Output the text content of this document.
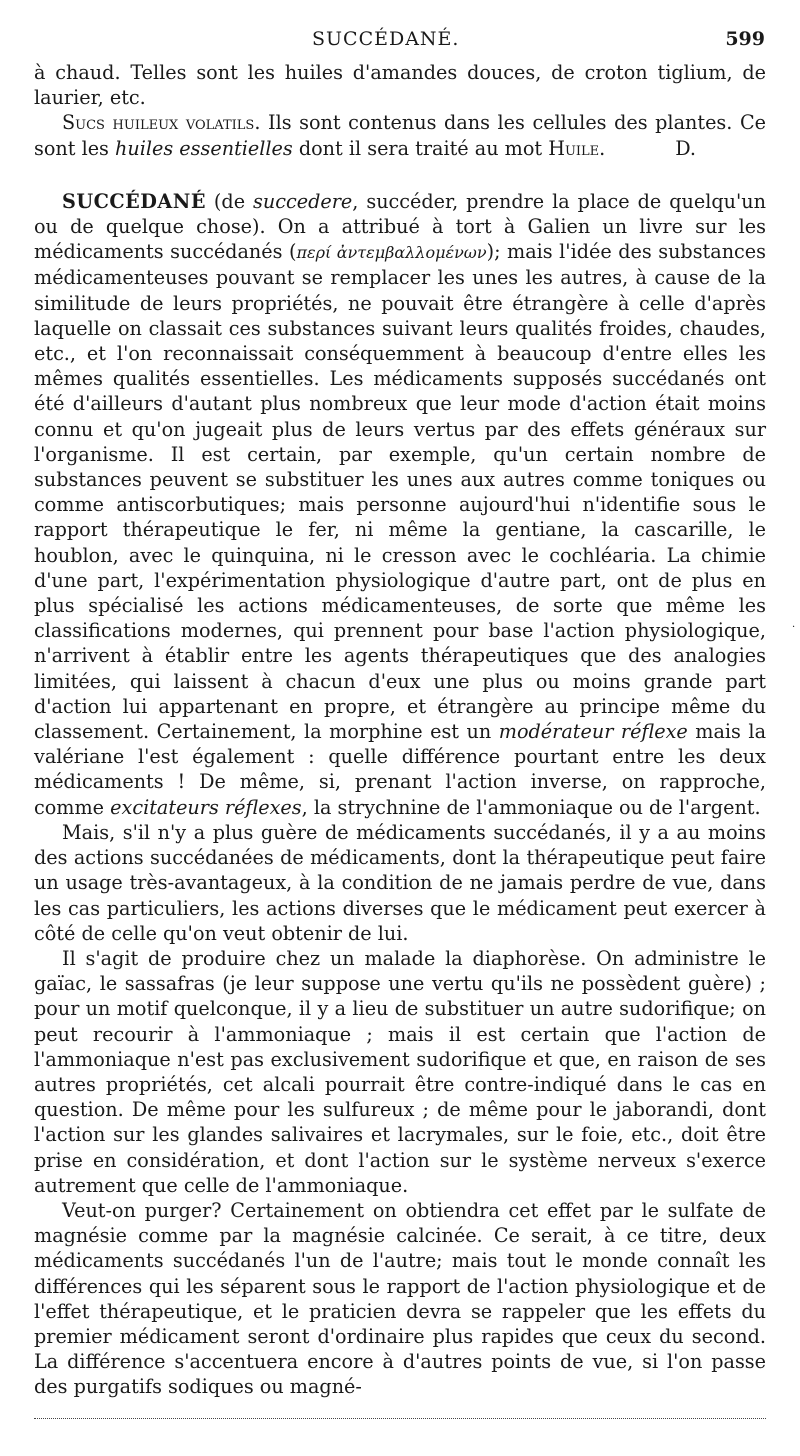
SUCCÉDANÉ.	599

à chaud. Telles sont les huiles d'amandes douces, de croton tiglium, de laurier, etc.

Sucs huileux volatils. Ils sont contenus dans les cellules des plantes. Ce sont les huiles essentielles dont il sera traité au mot Huile.	D.

SUCCÉDANÉ (de succedere, succéder, prendre la place de quelqu'un ou de quelque chose). On a attribué à tort à Galien un livre sur les médicaments succédanés (περί ἀντεμβαλλομένων); mais l'idée des substances médicamenteuses pouvant se remplacer les unes les autres, à cause de la similitude de leurs propriétés, ne pouvait être étrangère à celle d'après laquelle on classait ces substances suivant leurs qualités froides, chaudes, etc., et l'on reconnaissait conséquemment à beaucoup d'entre elles les mêmes qualités essentielles. Les médicaments supposés succédanés ont été d'ailleurs d'autant plus nombreux que leur mode d'action était moins connu et qu'on jugeait plus de leurs vertus par des effets généraux sur l'organisme. Il est certain, par exemple, qu'un certain nombre de substances peuvent se substituer les unes aux autres comme toniques ou comme antiscorbutiques; mais personne aujourd'hui n'identifie sous le rapport thérapeutique le fer, ni même la gentiane, la cascarille, le houblon, avec le quinquina, ni le cresson avec le cochléaria. La chimie d'une part, l'expérimentation physiologique d'autre part, ont de plus en plus spécialisé les actions médicamenteuses, de sorte que même les classifications modernes, qui prennent pour base l'action physiologique, n'arrivent à établir entre les agents thérapeutiques que des analogies limitées, qui laissent à chacun d'eux une plus ou moins grande part d'action lui appartenant en propre, et étrangère au principe même du classement. Certainement, la morphine est un modérateur réflexe mais la valériane l'est également : quelle différence pourtant entre les deux médicaments ! De même, si, prenant l'action inverse, on rapproche, comme excitateurs réflexes, la strychnine de l'ammoniaque ou de l'argent.

Mais, s'il n'y a plus guère de médicaments succédanés, il y a au moins des actions succédanées de médicaments, dont la thérapeutique peut faire un usage très-avantageux, à la condition de ne jamais perdre de vue, dans les cas particuliers, les actions diverses que le médicament peut exercer à côté de celle qu'on veut obtenir de lui.

Il s'agit de produire chez un malade la diaphorèse. On administre le gaïac, le sassafras (je leur suppose une vertu qu'ils ne possèdent guère) ; pour un motif quelconque, il y a lieu de substituer un autre sudorifique; on peut recourir à l'ammoniaque ; mais il est certain que l'action de l'ammoniaque n'est pas exclusivement sudorifique et que, en raison de ses autres propriétés, cet alcali pourrait être contre-indiqué dans le cas en question. De même pour les sulfureux ; de même pour le jaborandi, dont l'action sur les glandes salivaires et lacrymales, sur le foie, etc., doit être prise en considération, et dont l'action sur le système nerveux s'exerce autrement que celle de l'ammoniaque.

Veut-on purger? Certainement on obtiendra cet effet par le sulfate de magnésie comme par la magnésie calcinée. Ce serait, à ce titre, deux médicaments succédanés l'un de l'autre; mais tout le monde connaît les différences qui les séparent sous le rapport de l'action physiologique et de l'effet thérapeutique, et le praticien devra se rappeler que les effets du premier médicament seront d'ordinaire plus rapides que ceux du second. La différence s'accentuera encore à d'autres points de vue, si l'on passe des purgatifs sodiques ou magné-

·
